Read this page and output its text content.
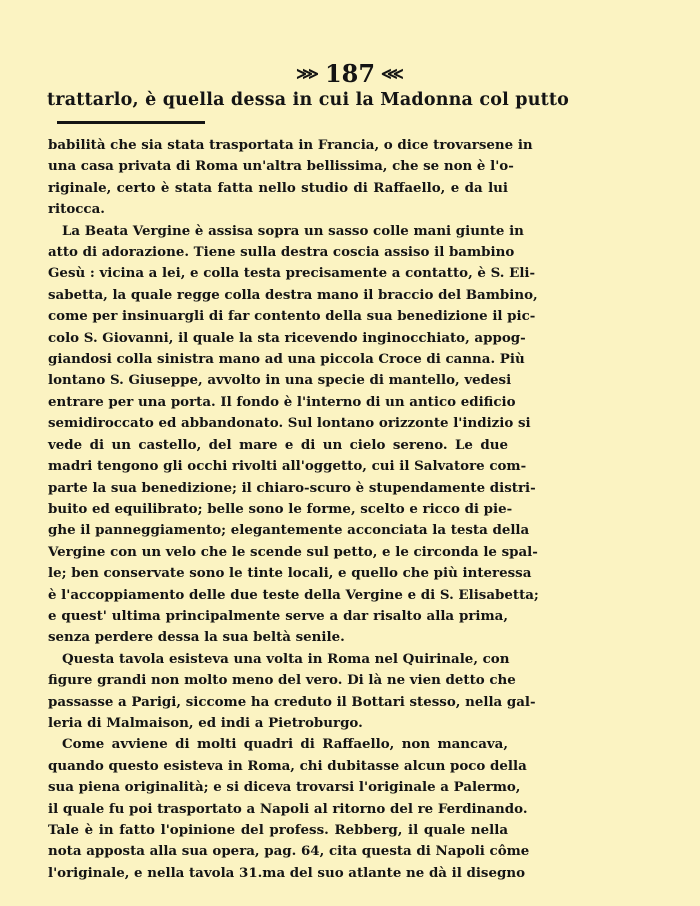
⋙ 187 ⋘
trattarlo, è quella dessa in cui la Madonna col putto
babilità che sia stata trasportata in Francia, o dice trovarsene in
una casa privata di Roma un'altra bellissima, che se non è l'o-
riginale, certo è stata fatta nello studio di Raffaello, e da lui
ritocca.
La Beata Vergine è assisa sopra un sasso colle mani giunte in
atto di adorazione. Tiene sulla destra coscia assiso il bambino
Gesù : vicina a lei, e colla testa precisamente a contatto, è S. Eli-
sabetta, la quale regge colla destra mano il braccio del Bambino,
come per insinuargli di far contento della sua benedizione il pic-
colo S. Giovanni, il quale la sta ricevendo inginocchiato, appog-
giandosi colla sinistra mano ad una piccola Croce di canna. Più
lontano S. Giuseppe, avvolto in una specie di mantello, vedesi
entrare per una porta. Il fondo è l'interno di un antico edificio
semidiroccato ed abbandonato. Sul lontano orizzonte l'indizio si
vede di un castello, del mare e di un cielo sereno. Le due
madri tengono gli occhi rivolti all'oggetto, cui il Salvatore com-
parte la sua benedizione; il chiaro-scuro è stupendamente distri-
buito ed equilibrato; belle sono le forme, scelto e ricco di pie-
ghe il panneggiamento; elegantemente acconciata la testa della
Vergine con un velo che le scende sul petto, e le circonda le spal-
le; ben conservate sono le tinte locali, e quello che più interessa
è l'accoppiamento delle due teste della Vergine e di S. Elisabetta;
e quest' ultima principalmente serve a dar risalto alla prima,
senza perdere dessa la sua beltà senile.
Questa tavola esisteva una volta in Roma nel Quirinale, con
figure grandi non molto meno del vero. Di là ne vien detto che
passasse a Parigi, siccome ha creduto il Bottari stesso, nella gal-
leria di Malmaison, ed indi a Pietroburgo.
Come avviene di molti quadri di Raffaello, non mancava,
quando questo esisteva in Roma, chi dubitasse alcun poco della
sua piena originalità; e si diceva trovarsi l'originale a Palermo,
il quale fu poi trasportato a Napoli al ritorno del re Ferdinando.
Tale è in fatto l'opinione del profess. Rebberg, il quale nella
nota apposta alla sua opera, pag. 64, cita questa di Napoli côme
l'originale, e nella tavola 31.ma del suo atlante ne dà il disegno
